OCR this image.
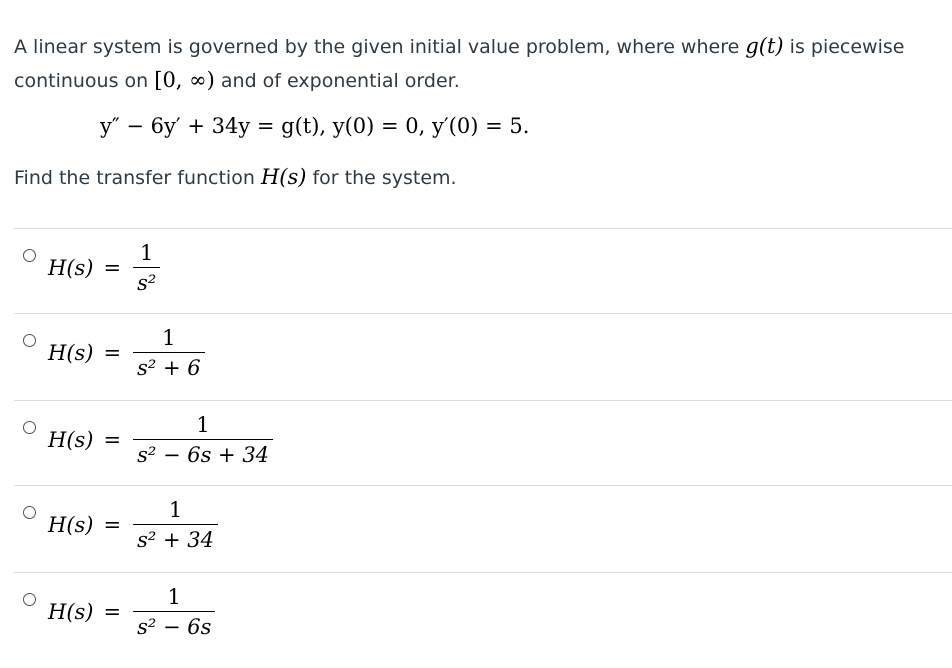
A linear system is governed by the given initial value problem, where where g(t) is piecewise continuous on [0, ∞) and of exponential order.
y″ − 6y′ + 34y = g(t), y(0) = 0, y′(0) = 5.
Find the transfer function H(s) for the system.
$H(s) = \frac{1}{\text{s²}}$
$H(s) = \frac{1}{\text{s² + 6}}$
$H(s) = \frac{1}{\text{s² − 6s + 34}}$
$H(s) = \frac{1}{\text{s² + 34}}$
$H(s) = \frac{1}{\text{s² − 6s}}$
